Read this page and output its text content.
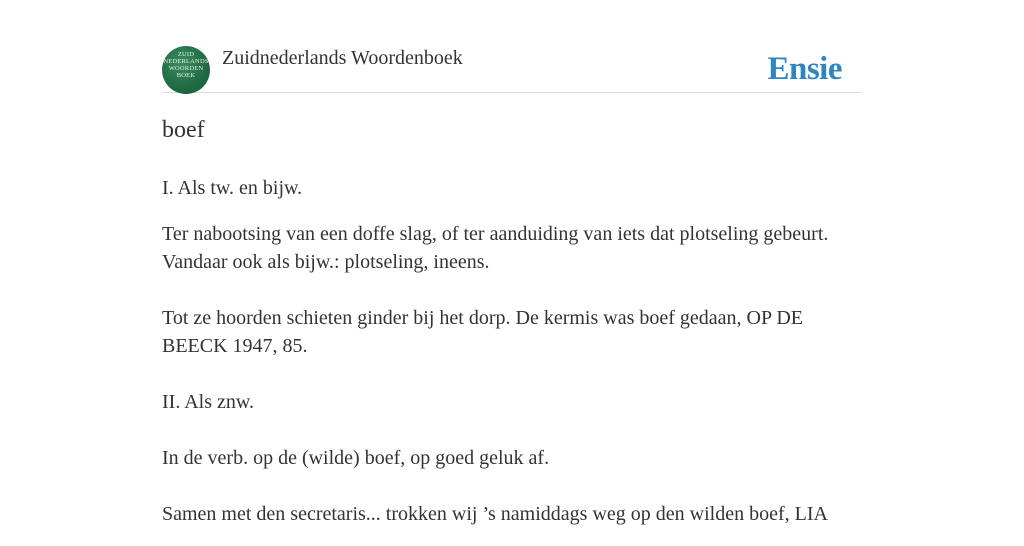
ZUID NEDERLANDS WOORDEN BOEK
Zuidnederlands Woordenboek	Ensie
boef

I. Als tw. en bijw.

Ter nabootsing van een doffe slag, of ter aanduiding van iets dat plotseling gebeurt. Vandaar ook als bijw.: plotseling, ineens.

Tot ze hoorden schieten ginder bij het dorp. De kermis was boef gedaan, OP DE BEECK 1947, 85.

II. Als znw.

In de verb. op de (wilde) boef, op goed geluk af.

Samen met den secretaris... trokken wij ’s namiddags weg op den wilden boef, LIA
